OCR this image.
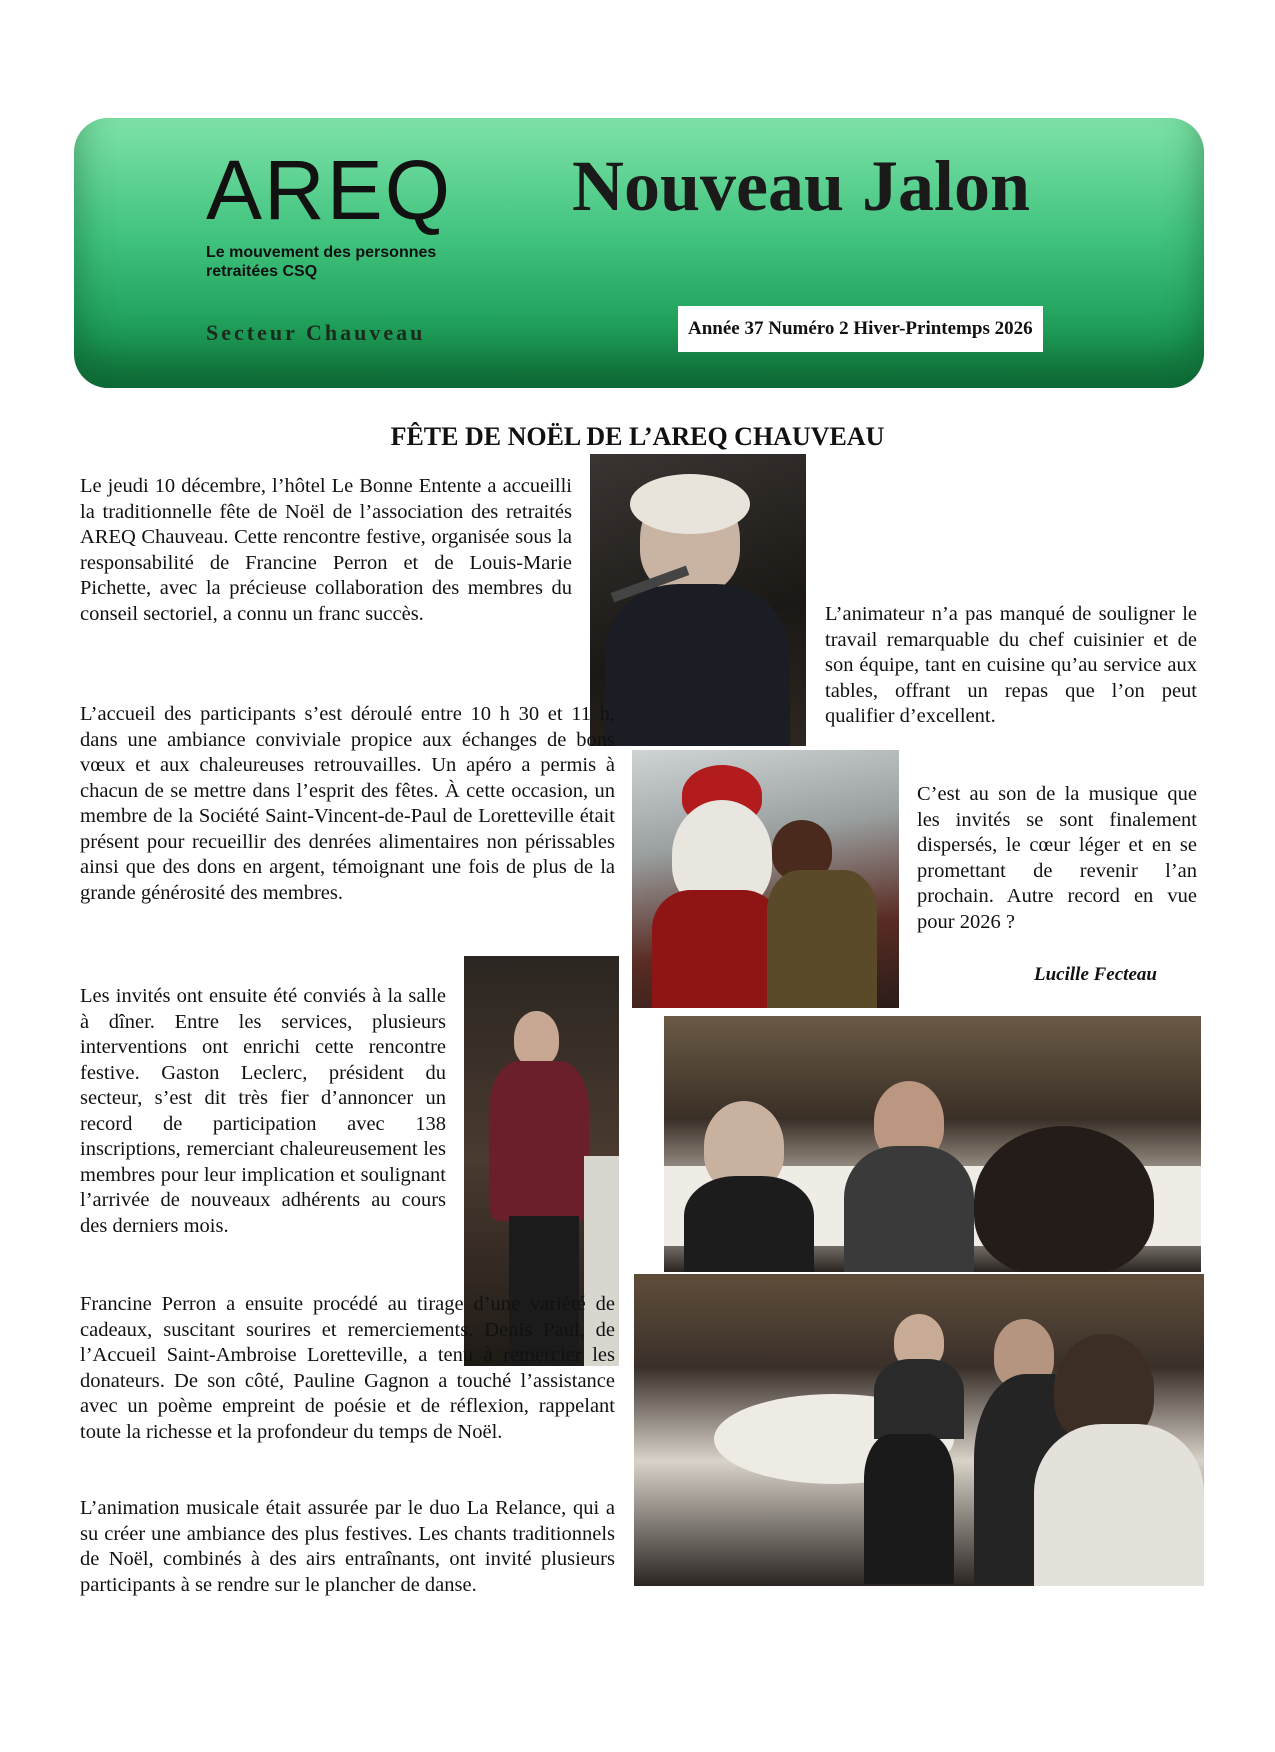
AREQ
Le mouvement des personnes retraitées CSQ
Nouveau Jalon
Secteur Chauveau	Année 37 Numéro 2 Hiver-Printemps 2026
FÊTE DE NOËL DE L’AREQ CHAUVEAU
Le jeudi 10 décembre, l’hôtel Le Bonne Entente a accueilli la traditionnelle fête de Noël de l’association des retraités AREQ Chauveau. Cette rencontre festive, organisée sous la responsabilité de Francine Perron et de Louis-Marie Pichette, avec la précieuse collaboration des membres du conseil sectoriel, a connu un franc succès.
L’accueil des participants s’est déroulé entre 10 h 30 et 11 h, dans une ambiance conviviale propice aux échanges de bons vœux et aux chaleureuses retrouvailles. Un apéro a permis à chacun de se mettre dans l’esprit des fêtes. À cette occasion, un membre de la Société Saint-Vincent-de-Paul de Loretteville était présent pour recueillir des denrées alimentaires non périssables ainsi que des dons en argent, témoignant une fois de plus de la grande générosité des membres.
Les invités ont ensuite été conviés à la salle à dîner. Entre les services, plusieurs interventions ont enrichi cette rencontre festive. Gaston Leclerc, président du secteur, s’est dit très fier d’annoncer un record de participation avec 138 inscriptions, remerciant chaleureusement les membres pour leur implication et soulignant l’arrivée de nouveaux adhérents au cours des derniers mois.
Francine Perron a ensuite procédé au tirage d’une variété de cadeaux, suscitant sourires et remerciements. Denis Paul, de l’Accueil Saint-Ambroise Loretteville, a tenu à remercier les donateurs. De son côté, Pauline Gagnon a touché l’assistance avec un poème empreint de poésie et de réflexion, rappelant toute la richesse et la profondeur du temps de Noël.
L’animation musicale était assurée par le duo La Relance, qui a su créer une ambiance des plus festives. Les chants traditionnels de Noël, combinés à des airs entraînants, ont invité plusieurs participants à se rendre sur le plancher de danse.
L’animateur n’a pas manqué de souligner le travail remarquable du chef cuisinier et de son équipe, tant en cuisine qu’au service aux tables, offrant un repas que l’on peut qualifier d’excellent.
C’est au son de la musique que les invités se sont finalement dispersés, le cœur léger et en se promettant de revenir l’an prochain. Autre record en vue pour 2026 ?
Lucille Fecteau
